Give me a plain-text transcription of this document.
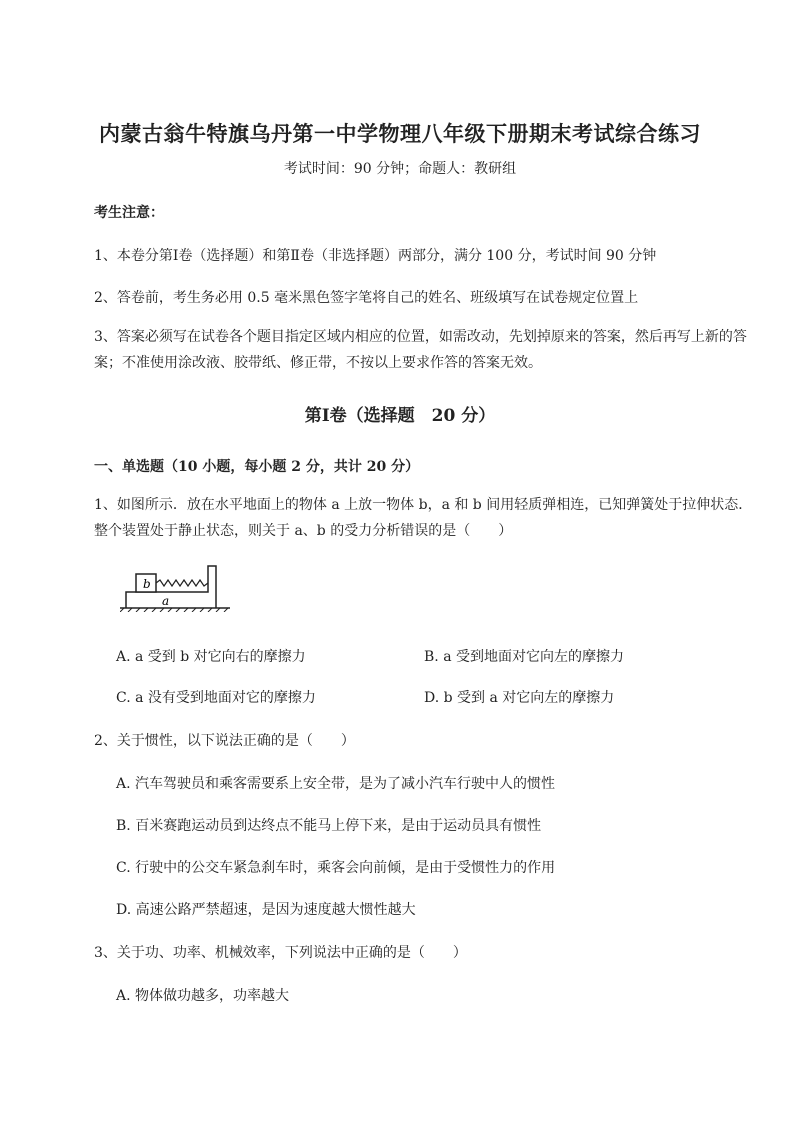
内蒙古翁牛特旗乌丹第一中学物理八年级下册期末考试综合练习
考试时间：90 分钟；命题人：教研组
考生注意：
1、本卷分第Ⅰ卷（选择题）和第Ⅱ卷（非选择题）两部分，满分 100 分，考试时间 90 分钟
2、答卷前，考生务必用 0.5 毫米黑色签字笔将自己的姓名、班级填写在试卷规定位置上
3、答案必须写在试卷各个题目指定区域内相应的位置，如需改动，先划掉原来的答案，然后再写上新的答案；不准使用涂改液、胶带纸、修正带，不按以上要求作答的答案无效。
第Ⅰ卷（选择题　20 分）
一、单选题（10 小题，每小题 2 分，共计 20 分）
1、如图所示．放在水平地面上的物体 a 上放一物体 b，a 和 b 间用轻质弹相连，已知弹簧处于拉伸状态．整个装置处于静止状态，则关于 a、b 的受力分析错误的是（　　）
b
a
A. a 受到 b 对它向右的摩擦力	B. a 受到地面对它向左的摩擦力
C. a 没有受到地面对它的摩擦力	D. b 受到 a 对它向左的摩擦力
2、关于惯性，以下说法正确的是（　　）
A. 汽车驾驶员和乘客需要系上安全带，是为了减小汽车行驶中人的惯性
B. 百米赛跑运动员到达终点不能马上停下来，是由于运动员具有惯性
C. 行驶中的公交车紧急刹车时，乘客会向前倾，是由于受惯性力的作用
D. 高速公路严禁超速，是因为速度越大惯性越大
3、关于功、功率、机械效率，下列说法中正确的是（　　）
A. 物体做功越多，功率越大
